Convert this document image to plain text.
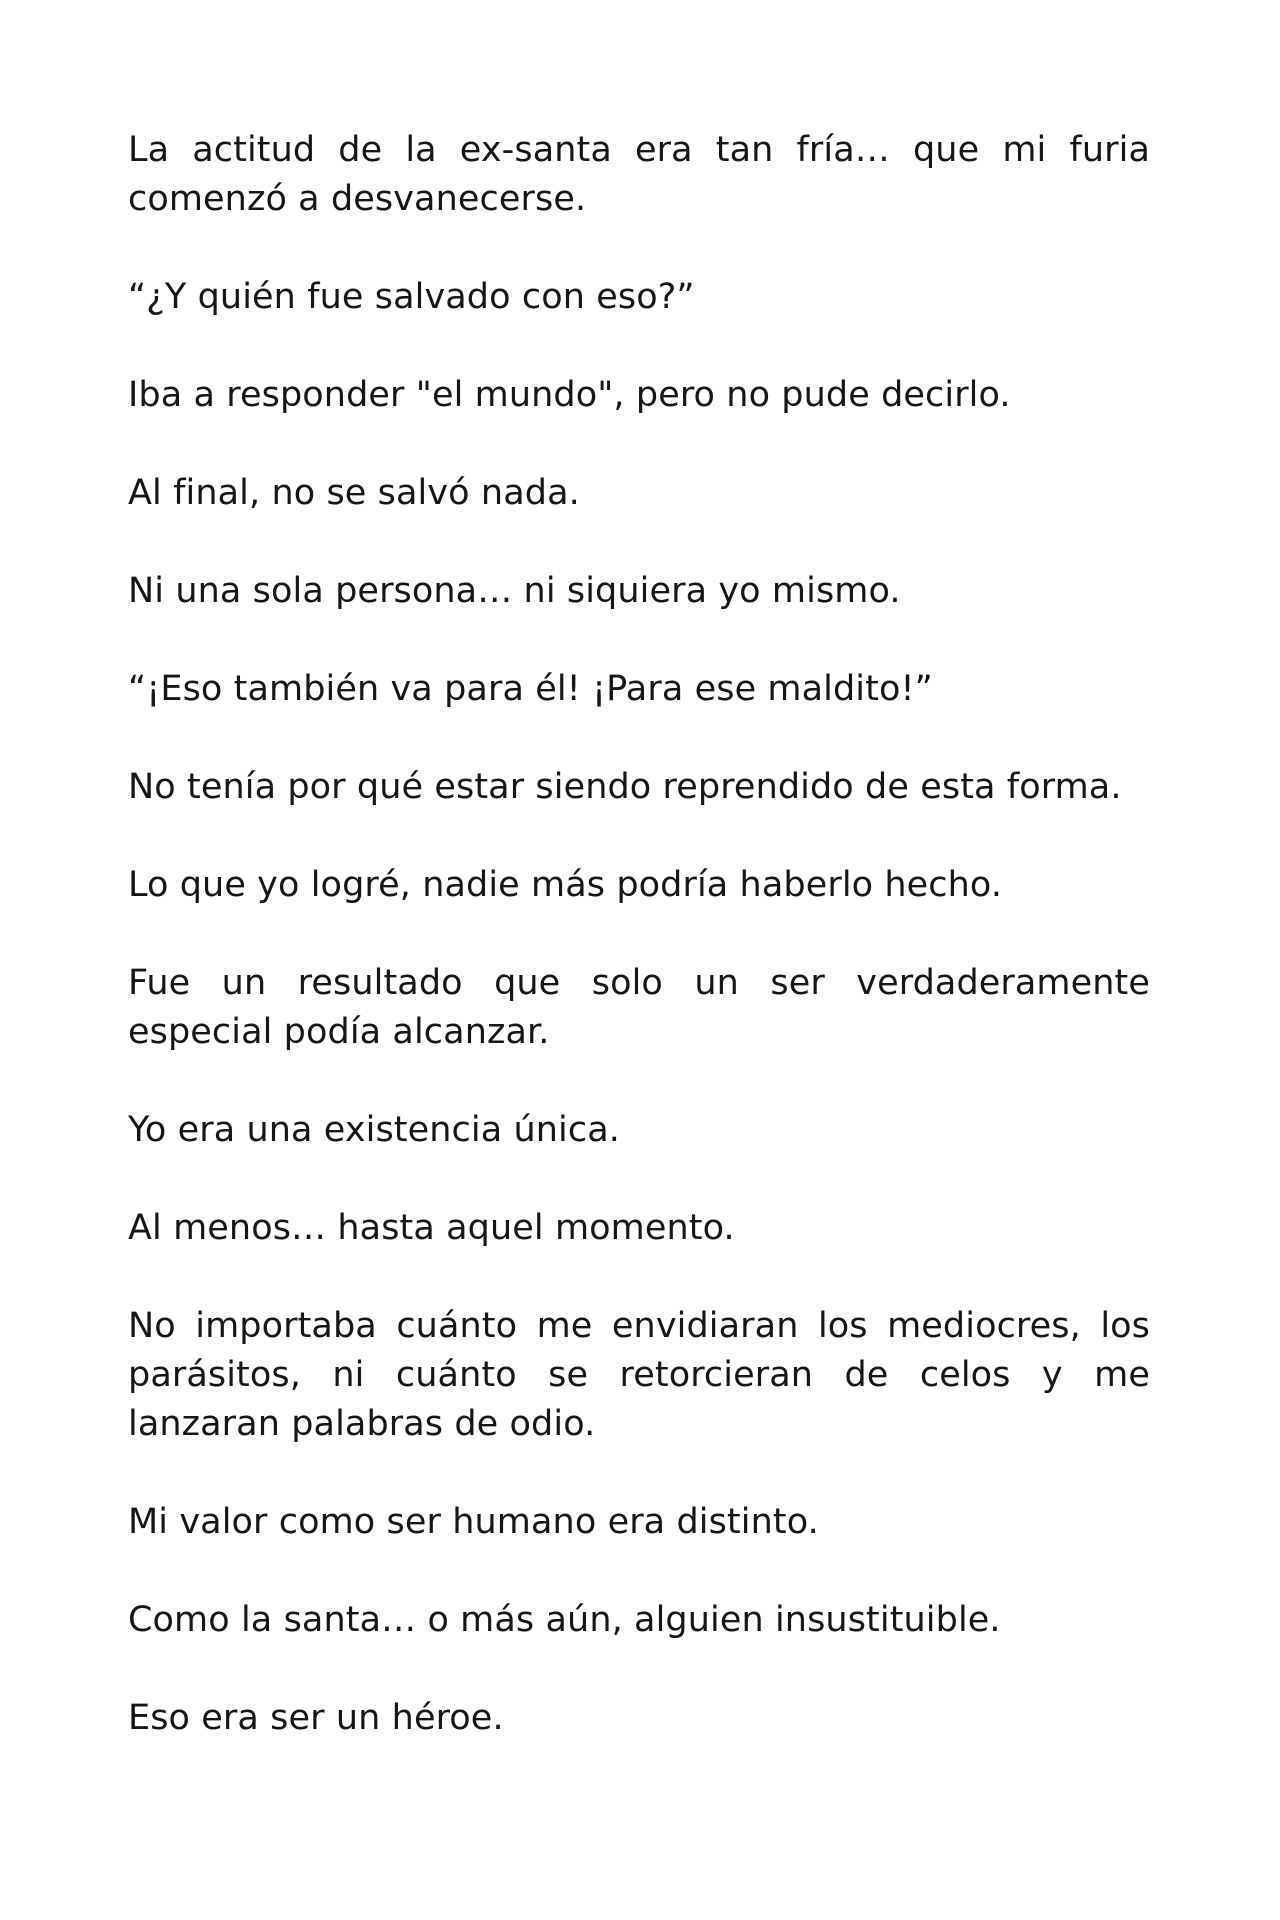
La actitud de la ex-santa era tan fría… que mi furia comenzó a desvanecerse.

“¿Y quién fue salvado con eso?”

Iba a responder "el mundo", pero no pude decirlo.

Al final, no se salvó nada.

Ni una sola persona… ni siquiera yo mismo.

“¡Eso también va para él! ¡Para ese maldito!”

No tenía por qué estar siendo reprendido de esta forma.

Lo que yo logré, nadie más podría haberlo hecho.

Fue un resultado que solo un ser verdaderamente especial podía alcanzar.

Yo era una existencia única.

Al menos… hasta aquel momento.

No importaba cuánto me envidiaran los mediocres, los parásitos, ni cuánto se retorcieran de celos y me lanzaran palabras de odio.

Mi valor como ser humano era distinto.

Como la santa… o más aún, alguien insustituible.

Eso era ser un héroe.
